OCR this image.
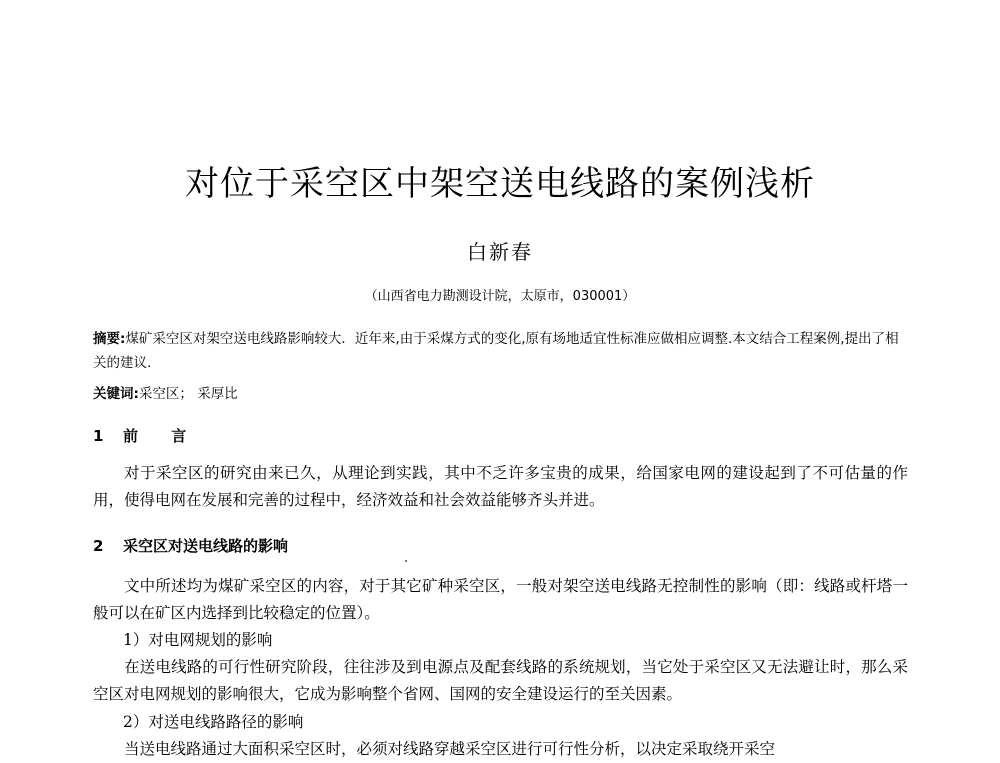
对位于采空区中架空送电线路的案例浅析
白新春
（山西省电力勘测设计院，太原市，030001）
摘要:煤矿采空区对架空送电线路影响较大．近年来,由于采煤方式的变化,原有场地适宜性标准应做相应调整.本文结合工程案例,提出了相关的建议.
关键词:采空区； 采厚比
1 前 言
对于采空区的研究由来已久，从理论到实践，其中不乏许多宝贵的成果，给国家电网的建设起到了不可估量的作用，使得电网在发展和完善的过程中，经济效益和社会效益能够齐头并进。
2 采空区对送电线路的影响
文中所述均为煤矿采空区的内容，对于其它矿种采空区，一般对架空送电线路无控制性的影响（即：线路或杆塔一般可以在矿区内选择到比较稳定的位置）。
1）对电网规划的影响
在送电线路的可行性研究阶段，往往涉及到电源点及配套线路的系统规划，当它处于采空区又无法避让时，那么采空区对电网规划的影响很大，它成为影响整个省网、国网的安全建设运行的至关因素。
2）对送电线路路径的影响
当送电线路通过大面积采空区时，必须对线路穿越采空区进行可行性分析，以决定采取绕开采空
